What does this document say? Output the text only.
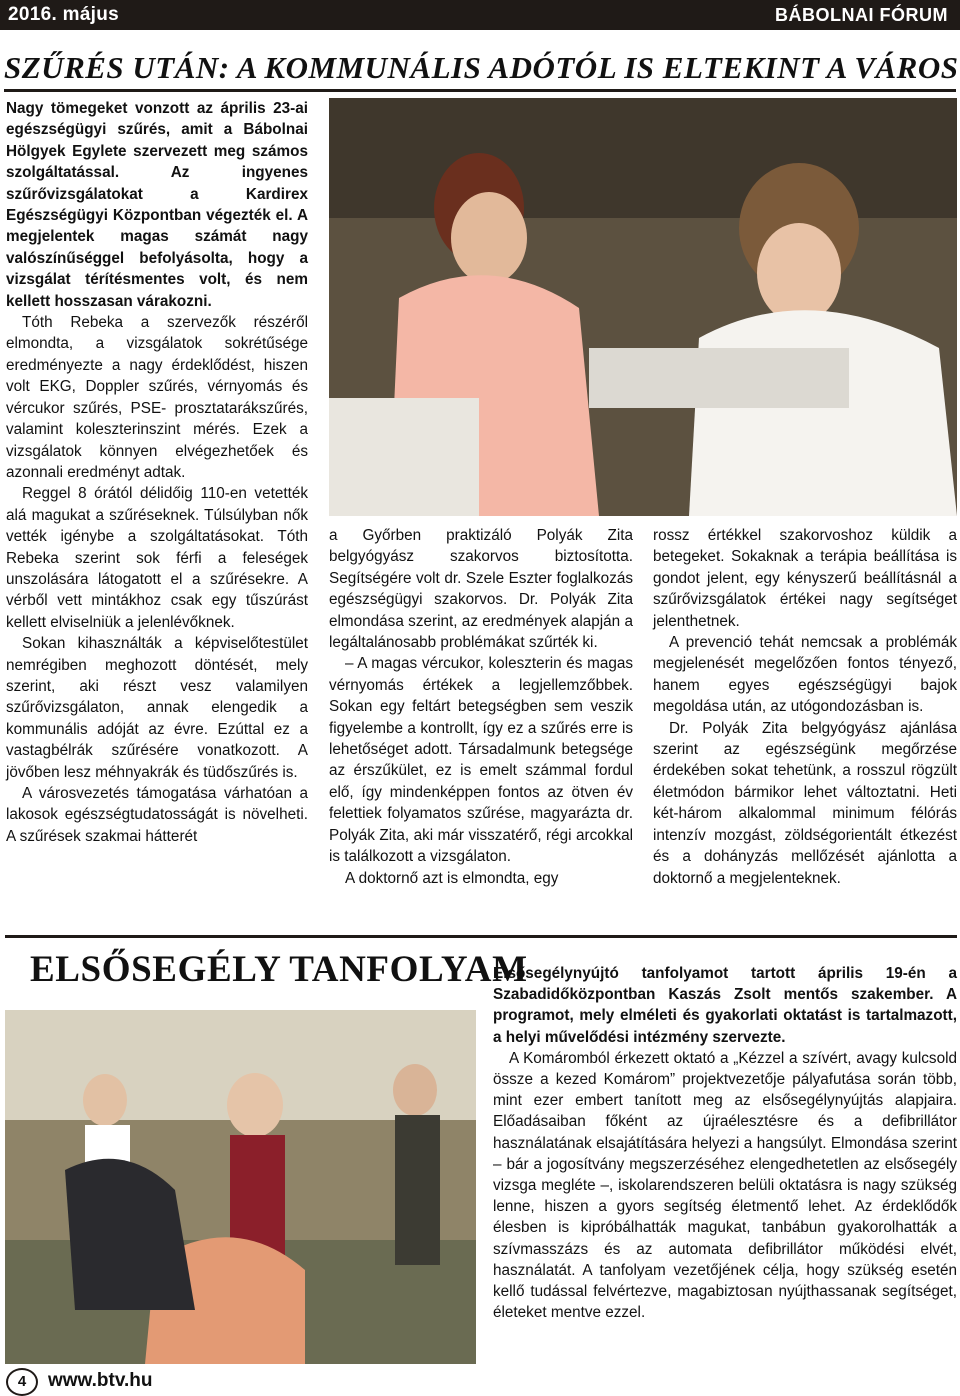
2016. május	BÁBOLNAI FÓRUM
SZŰRÉS UTÁN: A KOMMUNÁLIS ADÓTÓL IS ELTEKINT A VÁROS

Nagy tömegeket vonzott az április 23-ai egészségügyi szűrés, amit a Bábolnai Hölgyek Egylete szervezett meg számos szolgáltatással. Az ingyenes szűrővizsgálatokat a Kardirex Egészségügyi Központban végezték el. A megjelentek magas számát nagy valószínűséggel befolyásolta, hogy a vizsgálat térítésmentes volt, és nem kellett hosszasan várakozni.

Tóth Rebeka a szervezők részéről elmondta, a vizsgálatok sokrétűsége eredményezte a nagy érdeklődést, hiszen volt EKG, Doppler szűrés, vérnyomás és vércukor szűrés, PSE- prosztatarákszűrés, valamint koleszterinszint mérés. Ezek a vizsgálatok könnyen elvégezhetőek és azonnali eredményt adtak.

Reggel 8 órától délidőig 110-en vetették alá magukat a szűréseknek. Túlsúlyban nők vették igénybe a szolgáltatásokat. Tóth Rebeka szerint sok férfi a feleségek unszolására látogatott el a szűrésekre. A vérből vett mintákhoz csak egy tűszúrást kellett elviselniük a jelenlévőknek.

Sokan kihasználták a képviselőtestület nemrégiben meghozott döntését, mely szerint, aki részt vesz valamilyen szűrővizsgálaton, annak elengedik a kommunális adóját az évre. Ezúttal ez a vastagbélrák szűrésére vonatkozott. A jövőben lesz méhnyakrák és tüdőszűrés is.

A városvezetés támogatása várhatóan a lakosok egészségtudatosságát is növelheti. A szűrések szakmai hátterét

a Győrben praktizáló Polyák Zita belgyógyász szakorvos biztosította. Segítségére volt dr. Szele Eszter foglalkozás egészségügyi szakorvos. Dr. Polyák Zita elmondása szerint, az eredmények alapján a legáltalánosabb problémákat szűrték ki.

– A magas vércukor, koleszterin és magas vérnyomás értékek a legjellemzőbbek. Sokan egy feltárt betegségben sem veszik figyelembe a kontrollt, így ez a szűrés erre is lehetőséget adott. Társadalmunk betegsége az érszűkület, ez is emelt számmal fordul elő, így mindenképpen fontos az ötven év felettiek folyamatos szűrése, magyarázta dr. Polyák Zita, aki már visszatérő, régi arcokkal is találkozott a vizsgálaton.

A doktornő azt is elmondta, egy

rossz értékkel szakorvoshoz küldik a betegeket. Sokaknak a terápia beállítása is gondot jelent, egy kényszerű beállításnál a szűrővizsgálatok értékei nagy segítséget jelenthetnek.

A prevenció tehát nemcsak a problémák megjelenését megelőzően fontos tényező, hanem egyes egészségügyi bajok megoldása után, az utógondozásban is.

Dr. Polyák Zita belgyógyász ajánlása szerint az egészségünk megőrzése érdekében sokat tehetünk, a rosszul rögzült életmódon bármikor lehet változtatni. Heti két-három alkalommal minimum félórás intenzív mozgást, zöldségorientált étkezést és a dohányzás mellőzését ajánlotta a doktornő a megjelenteknek.

ELSŐSEGÉLY TANFOLYAM

Elsősegélynyújtó tanfolyamot tartott április 19-én a Szabadidőközpontban Kaszás Zsolt mentős szakember. A programot, mely elméleti és gyakorlati oktatást is tartalmazott, a helyi művelődési intézmény szervezte.

A Komáromból érkezett oktató a „Kézzel a szívért, avagy kulcsold össze a kezed Komárom” projektvezetője pályafutása során több, mint ezer embert tanított meg az elsősegélynyújtás alapjaira. Előadásaiban főként az újraélesztésre és a defibrillátor használatának elsajátítására helyezi a hangsúlyt. Elmondása szerint – bár a jogosítvány megszerzéséhez elengedhetetlen az elsősegély vizsga megléte –, iskolarendszeren belüli oktatásra is nagy szükség lenne, hiszen a gyors segítség életmentő lehet. Az érdeklődők élesben is kipróbálhatták magukat, tanbábun gyakorolhatták a szívmasszázs és az automata defibrillátor működési elvét, használatát. A tanfolyam vezetőjének célja, hogy szükség esetén kellő tudással felvértezve, magabiztosan nyújthassanak segítséget, életeket mentve ezzel.

4	www.btv.hu
